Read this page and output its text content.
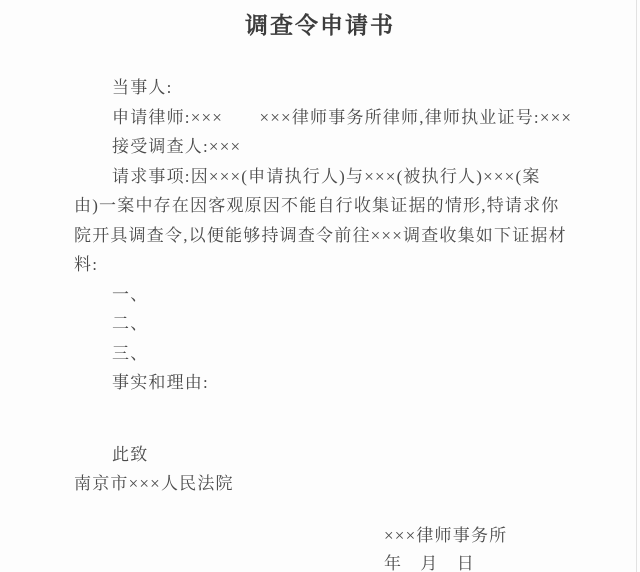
调查令申请书
当事人:
申请律师:×××　　×××律师事务所律师,律师执业证号:×××
接受调查人:×××
请求事项:因×××(申请执行人)与×××(被执行人)×××(案
由)一案中存在因客观原因不能自行收集证据的情形,特请求你
院开具调查令,以便能够持调查令前往×××调查收集如下证据材
料:
一、
二、
三、
事实和理由:
此致
南京市×××人民法院
×××律师事务所
年　月　日
